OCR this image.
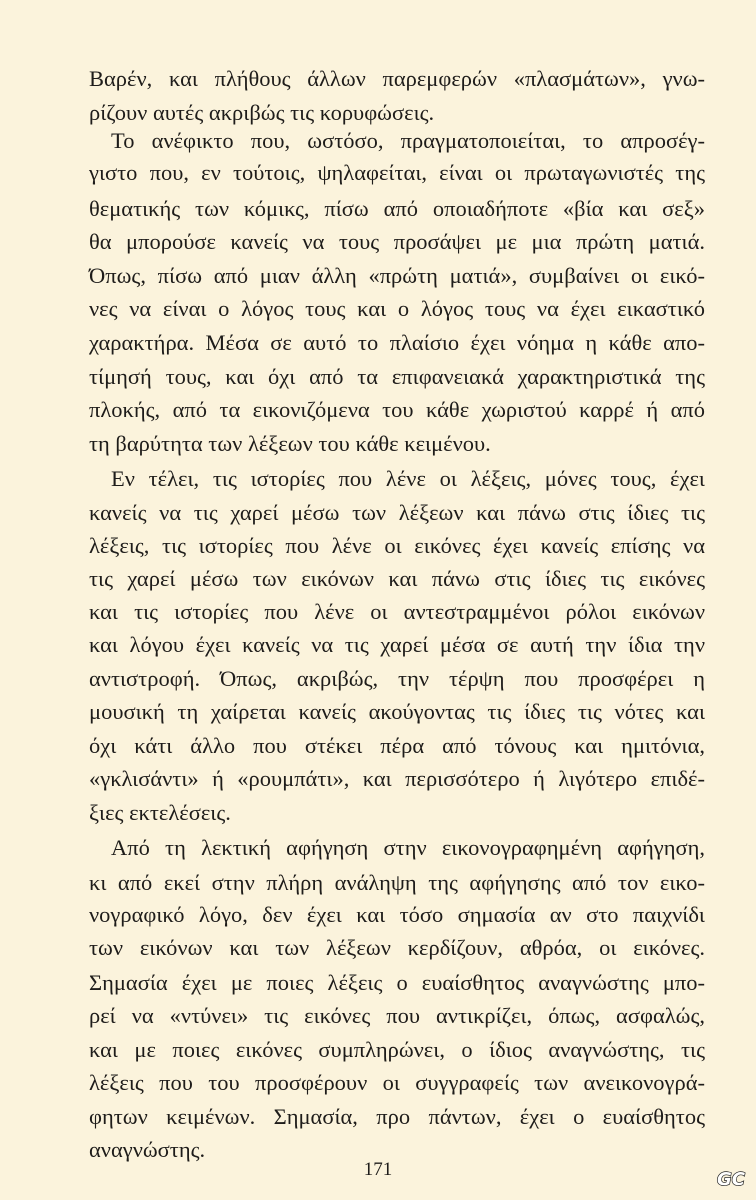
Βαρέν, και πλήθους άλλων παρεμφερών «πλασμάτων», γνω-
ρίζουν αυτές ακριβώς τις κορυφώσεις.
Το ανέφικτο που, ωστόσο, πραγματοποιείται, το απροσέγ-
γιστο που, εν τούτοις, ψηλαφείται, είναι οι πρωταγωνιστές της
θεματικής των κόμικς, πίσω από οποιαδήποτε «βία και σεξ»
θα μπορούσε κανείς να τους προσάψει με μια πρώτη ματιά.
Όπως, πίσω από μιαν άλλη «πρώτη ματιά», συμβαίνει οι εικό-
νες να είναι ο λόγος τους και ο λόγος τους να έχει εικαστικό
χαρακτήρα. Μέσα σε αυτό το πλαίσιο έχει νόημα η κάθε απο-
τίμησή τους, και όχι από τα επιφανειακά χαρακτηριστικά της
πλοκής, από τα εικονιζόμενα του κάθε χωριστού καρρέ ή από
τη βαρύτητα των λέξεων του κάθε κειμένου.
Εν τέλει, τις ιστορίες που λένε οι λέξεις, μόνες τους, έχει
κανείς να τις χαρεί μέσω των λέξεων και πάνω στις ίδιες τις
λέξεις, τις ιστορίες που λένε οι εικόνες έχει κανείς επίσης να
τις χαρεί μέσω των εικόνων και πάνω στις ίδιες τις εικόνες
και τις ιστορίες που λένε οι αντεστραμμένοι ρόλοι εικόνων
και λόγου έχει κανείς να τις χαρεί μέσα σε αυτή την ίδια την
αντιστροφή. Όπως, ακριβώς, την τέρψη που προσφέρει η
μουσική τη χαίρεται κανείς ακούγοντας τις ίδιες τις νότες και
όχι κάτι άλλο που στέκει πέρα από τόνους και ημιτόνια,
«γκλισάντι» ή «ρουμπάτι», και περισσότερο ή λιγότερο επιδέ-
ξιες εκτελέσεις.
Από τη λεκτική αφήγηση στην εικονογραφημένη αφήγηση,
κι από εκεί στην πλήρη ανάληψη της αφήγησης από τον εικο-
νογραφικό λόγο, δεν έχει και τόσο σημασία αν στο παιχνίδι
των εικόνων και των λέξεων κερδίζουν, αθρόα, οι εικόνες.
Σημασία έχει με ποιες λέξεις ο ευαίσθητος αναγνώστης μπο-
ρεί να «ντύνει» τις εικόνες που αντικρίζει, όπως, ασφαλώς,
και με ποιες εικόνες συμπληρώνει, ο ίδιος αναγνώστης, τις
λέξεις που του προσφέρουν οι συγγραφείς των ανεικονογρά-
φητων κειμένων. Σημασία, προ πάντων, έχει ο ευαίσθητος
αναγνώστης.
171	GC
